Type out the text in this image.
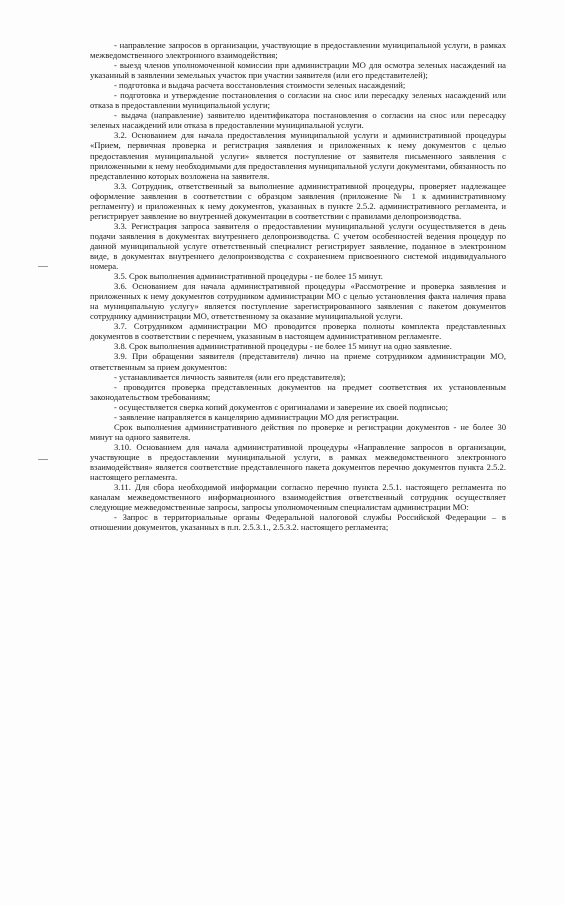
- направление запросов в организации, участвующие в предоставлении муниципальной услуги, в рамках межведомственного электронного взаимодействия;

- выезд членов уполномоченной комиссии при администрации МО для осмотра зеленых насаждений на указанный в заявлении земельных участок при участии заявителя (или его представителей);

- подготовка и выдача расчета восстановления стоимости зеленых насаждений;

- подготовка и утверждение постановления о согласии на снос или пересадку зеленых насаждений или отказа в предоставлении муниципальной услуги;

- выдача (направление) заявителю идентификатора постановления о согласии на снос или пересадку зеленых насаждений или отказа в предоставлении муниципальной услуги.

3.2. Основанием для начала предоставления муниципальной услуги и административной процедуры «Прием, первичная проверка и регистрация заявления и приложенных к нему документов с целью предоставления муниципальной услуги» является поступление от заявителя письменного заявления с приложенными к нему необходимыми для предоставления муниципальной услуги документами, обязанность по представлению которых возложена на заявителя.

3.3. Сотрудник, ответственный за выполнение административной процедуры, проверяет надлежащее оформление заявления в соответствии с образцом заявления (приложение № 1 к административному регламенту) и приложенных к нему документов, указанных в пункте 2.5.2. административного регламента, и регистрирует заявление во внутренней документации в соответствии с правилами делопроизводства.

3.3. Регистрация запроса заявителя о предоставлении муниципальной услуги осуществляется в день подачи заявления в документах внутреннего делопроизводства. С учетом особенностей ведения процедур по данной муниципальной услуге ответственный специалист регистрирует заявление, поданное в электронном виде, в документах внутреннего делопроизводства с сохранением присвоенного системой индивидуального номера.

3.5. Срок выполнения административной процедуры - не более 15 минут.

3.6. Основанием для начала административной процедуры «Рассмотрение и проверка заявления и приложенных к нему документов сотрудником администрации МО с целью установления факта наличия права на муниципальную услугу» является поступление зарегистрированного заявления с пакетом документов сотруднику администрации МО, ответственному за оказание муниципальной услуги.

3.7. Сотрудником администрации МО проводится проверка полноты комплекта представленных документов в соответствии с перечнем, указанным в настоящем административном регламенте.

3.8. Срок выполнения административной процедуры - не более 15 минут на одно заявление.

3.9. При обращении заявителя (представителя) лично на приеме сотрудником администрации МО, ответственным за прием документов:

- устанавливается личность заявителя (или его представителя);

- проводится проверка представленных документов на предмет соответствия их установленным законодательством требованиям;

- осуществляется сверка копий документов с оригиналами и заверение их своей подписью;

- заявление направляется в канцелярию администрации МО для регистрации.

Срок выполнения административного действия по проверке и регистрации документов - не более 30 минут на одного заявителя.

3.10. Основанием для начала административной процедуры «Направление запросов в организации, участвующие в предоставлении муниципальной услуги, в рамках межведомственного электронного взаимодействия» является соответствие представленного пакета документов перечню документов пункта 2.5.2. настоящего регламента.

3.11. Для сбора необходимой информации согласно перечню пункта 2.5.1. настоящего регламента по каналам межведомственного информационного взаимодействия ответственный сотрудник осуществляет следующие межведомственные запросы, запросы уполномоченным специалистам администрации МО:

- Запрос в территориальные органы Федеральной налоговой службы Российской Федерации – в отношении документов, указанных в п.п. 2.5.3.1., 2.5.3.2. настоящего регламента;
